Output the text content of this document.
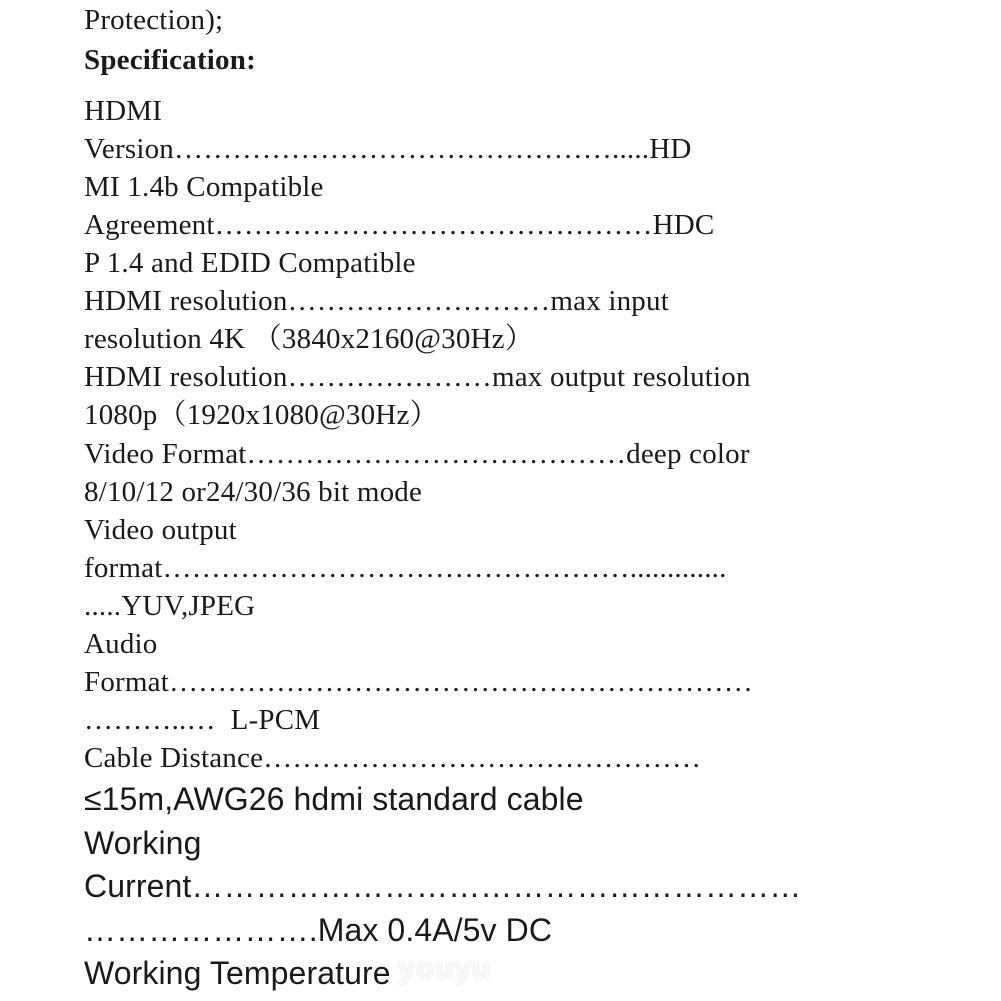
Protection);
Specification:
HDMI
Version……………………………………….....HD
MI 1.4b Compatible
Agreement………………………………………HDC
P 1.4 and EDID Compatible
HDMI resolution………………………max input
resolution 4K （3840x2160@30Hz）
HDMI resolution…………………max output resolution
1080p（1920x1080@30Hz）
Video Format…………………………………deep color
8/10/12 or24/30/36 bit mode
Video output
format………………………………………….............
.....YUV,JPEG
Audio
Format……………………………………………………
………..…  L-PCM
Cable Distance………………………………………
≤15m,AWG26 hdmi standard cable
Working
Current…………………………………………………
………………….Max 0.4A/5v DC
Working Temperature youyu
